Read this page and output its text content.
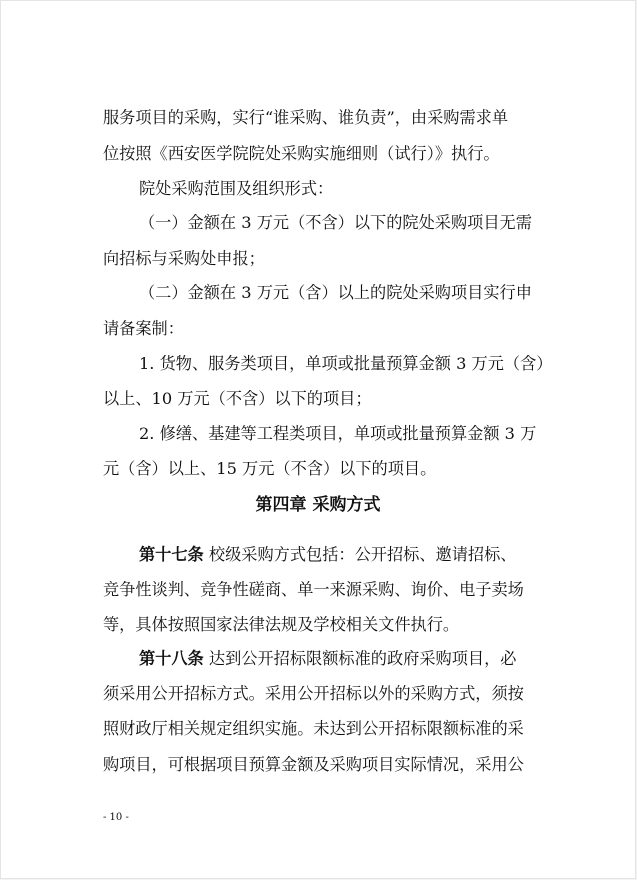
服务项目的采购，实行“谁采购、谁负责”，由采购需求单
位按照《西安医学院院处采购实施细则（试行）》执行。
院处采购范围及组织形式：
（一）金额在 3 万元（不含）以下的院处采购项目无需
向招标与采购处申报；
（二）金额在 3 万元（含）以上的院处采购项目实行申
请备案制：
1. 货物、服务类项目，单项或批量预算金额 3 万元（含）
以上、10 万元（不含）以下的项目；
2. 修缮、基建等工程类项目，单项或批量预算金额 3 万
元（含）以上、15 万元（不含）以下的项目。
第四章 采购方式
第十七条 校级采购方式包括：公开招标、邀请招标、
竞争性谈判、竞争性磋商、单一来源采购、询价、电子卖场
等，具体按照国家法律法规及学校相关文件执行。
第十八条 达到公开招标限额标准的政府采购项目，必
须采用公开招标方式。采用公开招标以外的采购方式，须按
照财政厅相关规定组织实施。未达到公开招标限额标准的采
购项目，可根据项目预算金额及采购项目实际情况，采用公
- 10 -
